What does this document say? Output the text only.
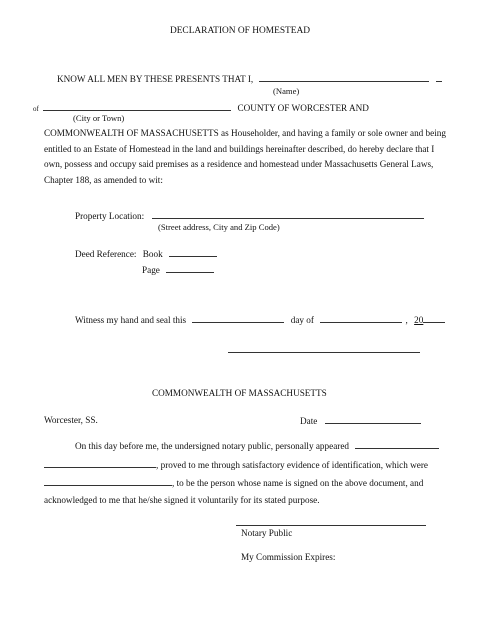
DECLARATION OF HOMESTEAD
KNOW ALL MEN BY THESE PRESENTS THAT I,
(Name)
of	COUNTY OF WORCESTER AND
(City or Town)

COMMONWEALTH OF MASSACHUSETTS as Householder, and having a family or sole owner and being entitled to an Estate of Homestead in the land and buildings hereinafter described, do hereby declare that I own, possess and occupy said premises as a residence and homestead under Massachusetts General Laws, Chapter 188, as amended to wit:

Property Location:
(Street address, City and Zip Code)
Deed Reference: Book
Page
Witness my hand and seal this	day of	, 20
COMMONWEALTH OF MASSACHUSETTS
Worcester, SS.	Date
On this day before me, the undersigned notary public, personally appeared
, proved to me through satisfactory evidence of identification, which were
, to be the person whose name is signed on the above document, and
acknowledged to me that he/she signed it voluntarily for its stated purpose.
Notary Public
My Commission Expires:
